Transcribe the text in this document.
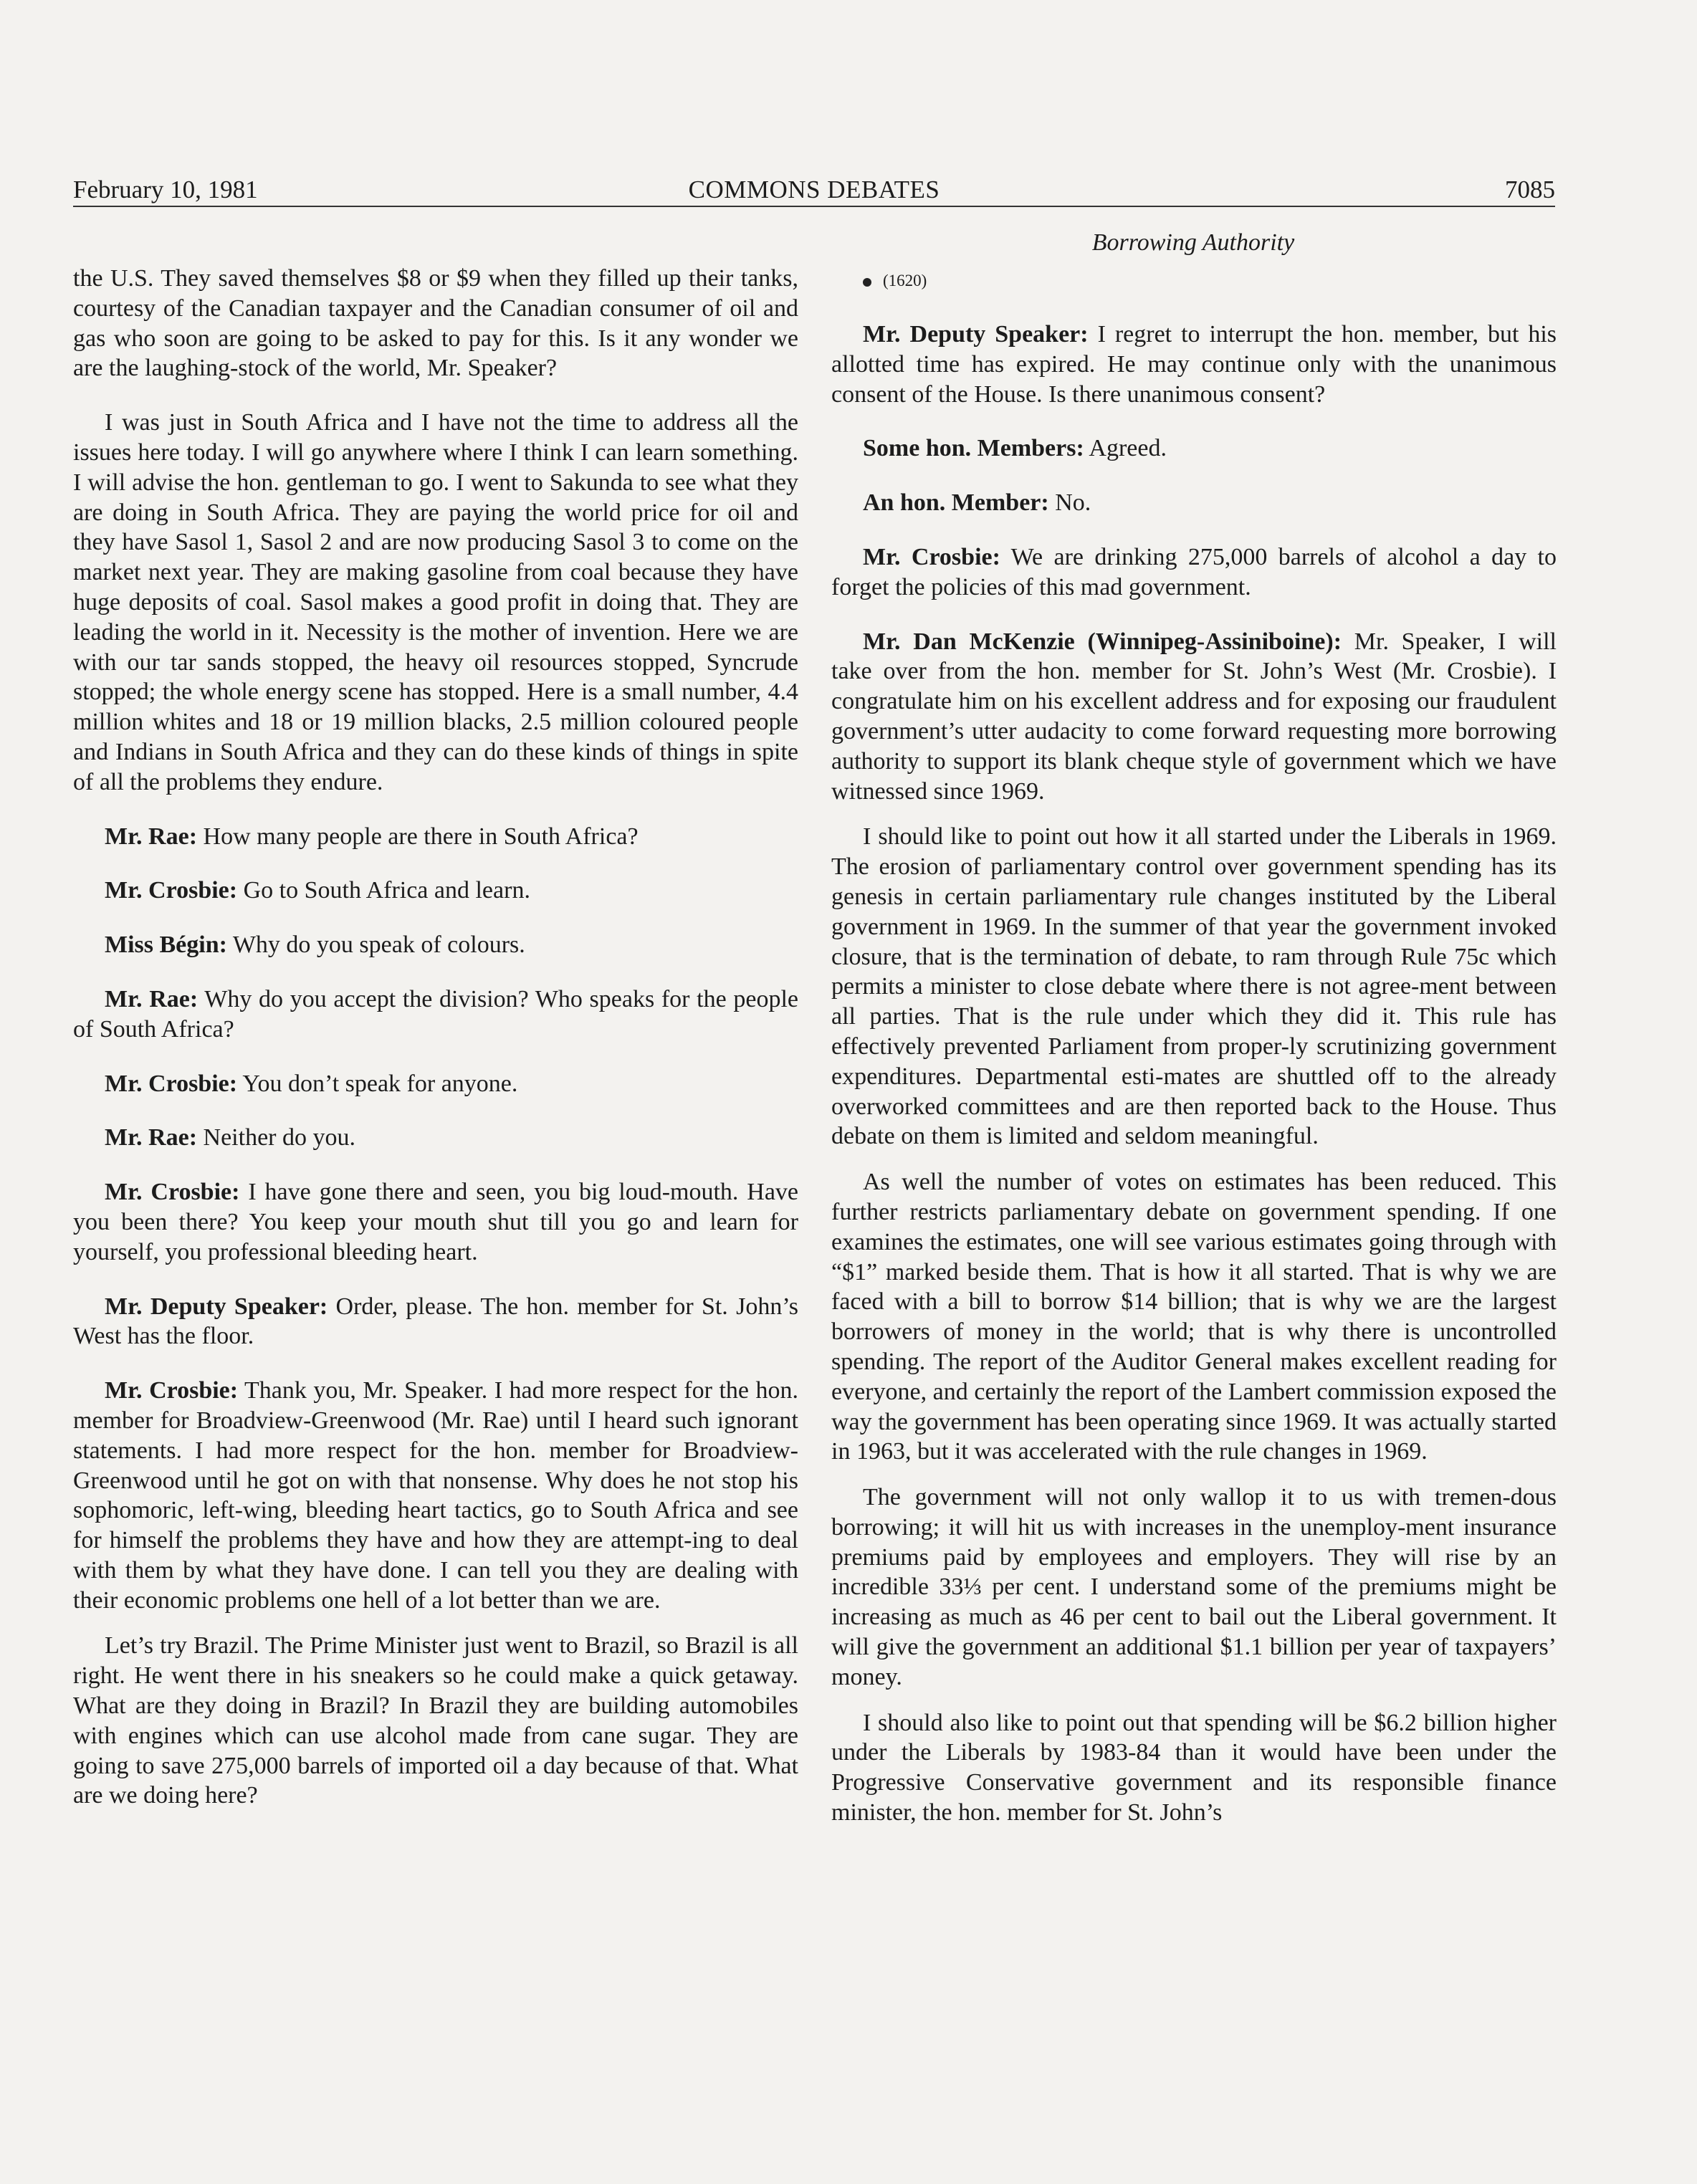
February 10, 1981	COMMONS DEBATES	7085
Borrowing Authority

the U.S. They saved themselves $8 or $9 when they filled up their tanks, courtesy of the Canadian taxpayer and the Canadian consumer of oil and gas who soon are going to be asked to pay for this. Is it any wonder we are the laughing-stock of the world, Mr. Speaker?

I was just in South Africa and I have not the time to address all the issues here today. I will go anywhere where I think I can learn something. I will advise the hon. gentleman to go. I went to Sakunda to see what they are doing in South Africa. They are paying the world price for oil and they have Sasol 1, Sasol 2 and are now producing Sasol 3 to come on the market next year. They are making gasoline from coal because they have huge deposits of coal. Sasol makes a good profit in doing that. They are leading the world in it. Necessity is the mother of invention. Here we are with our tar sands stopped, the heavy oil resources stopped, Syncrude stopped; the whole energy scene has stopped. Here is a small number, 4.4 million whites and 18 or 19 million blacks, 2.5 million coloured people and Indians in South Africa and they can do these kinds of things in spite of all the problems they endure.

Mr. Rae: How many people are there in South Africa?

Mr. Crosbie: Go to South Africa and learn.

Miss Bégin: Why do you speak of colours.

Mr. Rae: Why do you accept the division? Who speaks for the people of South Africa?

Mr. Crosbie: You don’t speak for anyone.

Mr. Rae: Neither do you.

Mr. Crosbie: I have gone there and seen, you big loud-mouth. Have you been there? You keep your mouth shut till you go and learn for yourself, you professional bleeding heart.

Mr. Deputy Speaker: Order, please. The hon. member for St. John’s West has the floor.

Mr. Crosbie: Thank you, Mr. Speaker. I had more respect for the hon. member for Broadview-Greenwood (Mr. Rae) until I heard such ignorant statements. I had more respect for the hon. member for Broadview-Greenwood until he got on with that nonsense. Why does he not stop his sophomoric, left-wing, bleeding heart tactics, go to South Africa and see for himself the problems they have and how they are attempt-ing to deal with them by what they have done. I can tell you they are dealing with their economic problems one hell of a lot better than we are.

Let’s try Brazil. The Prime Minister just went to Brazil, so Brazil is all right. He went there in his sneakers so he could make a quick getaway. What are they doing in Brazil? In Brazil they are building automobiles with engines which can use alcohol made from cane sugar. They are going to save 275,000 barrels of imported oil a day because of that. What are we doing here?

(1620)

Mr. Deputy Speaker: I regret to interrupt the hon. member, but his allotted time has expired. He may continue only with the unanimous consent of the House. Is there unanimous consent?

Some hon. Members: Agreed.

An hon. Member: No.

Mr. Crosbie: We are drinking 275,000 barrels of alcohol a day to forget the policies of this mad government.

Mr. Dan McKenzie (Winnipeg-Assiniboine): Mr. Speaker, I will take over from the hon. member for St. John’s West (Mr. Crosbie). I congratulate him on his excellent address and for exposing our fraudulent government’s utter audacity to come forward requesting more borrowing authority to support its blank cheque style of government which we have witnessed since 1969.

I should like to point out how it all started under the Liberals in 1969. The erosion of parliamentary control over government spending has its genesis in certain parliamentary rule changes instituted by the Liberal government in 1969. In the summer of that year the government invoked closure, that is the termination of debate, to ram through Rule 75c which permits a minister to close debate where there is not agree-ment between all parties. That is the rule under which they did it. This rule has effectively prevented Parliament from proper-ly scrutinizing government expenditures. Departmental esti-mates are shuttled off to the already overworked committees and are then reported back to the House. Thus debate on them is limited and seldom meaningful.

As well the number of votes on estimates has been reduced. This further restricts parliamentary debate on government spending. If one examines the estimates, one will see various estimates going through with “$1” marked beside them. That is how it all started. That is why we are faced with a bill to borrow $14 billion; that is why we are the largest borrowers of money in the world; that is why there is uncontrolled spending. The report of the Auditor General makes excellent reading for everyone, and certainly the report of the Lambert commission exposed the way the government has been operating since 1969. It was actually started in 1963, but it was accelerated with the rule changes in 1969.

The government will not only wallop it to us with tremen-dous borrowing; it will hit us with increases in the unemploy-ment insurance premiums paid by employees and employers. They will rise by an incredible 33⅓ per cent. I understand some of the premiums might be increasing as much as 46 per cent to bail out the Liberal government. It will give the government an additional $1.1 billion per year of taxpayers’ money.

I should also like to point out that spending will be $6.2 billion higher under the Liberals by 1983-84 than it would have been under the Progressive Conservative government and its responsible finance minister, the hon. member for St. John’s
